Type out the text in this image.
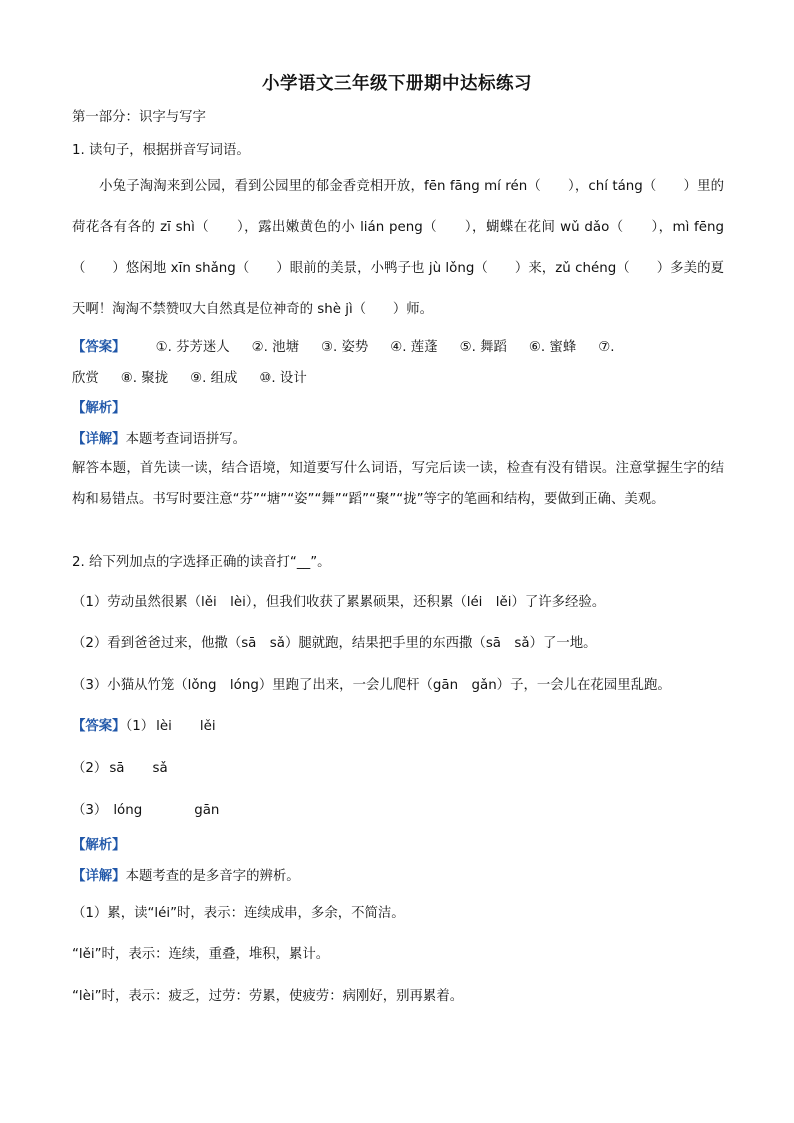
小学语文三年级下册期中达标练习
第一部分：识字与写字
1. 读句子，根据拼音写词语。
小兔子淘淘来到公园，看到公园里的郁金香竞相开放，fēn fāng mí rén（　　），chí táng（　　）里的荷花各有各的 zī shì（　　），露出嫩黄色的小 lián peng（　　），蝴蝶在花间 wǔ dǎo（　　），mì fēng（　　）悠闲地 xīn shǎng（　　）眼前的美景，小鸭子也 jù lǒng（　　）来，zǔ chéng（　　）多美的夏天啊！淘淘不禁赞叹大自然真是位神奇的 shè jì（　　）师。
【答案】 ①. 芬芳迷人 ②. 池塘 ③. 姿势 ④. 莲蓬 ⑤. 舞蹈 ⑥. 蜜蜂 ⑦.
欣赏 ⑧. 聚拢 ⑨. 组成 ⑩. 设计
【解析】
【详解】本题考查词语拼写。
解答本题，首先读一读，结合语境，知道要写什么词语，写完后读一读，检查有没有错误。注意掌握生字的结构和易错点。书写时要注意“芬”“塘”“姿”“舞”“蹈”“聚”“拢”等字的笔画和结构，要做到正确、美观。
2. 给下列加点的字选择正确的读音打“__”。
（1）劳动虽然很累（lěi　lèi），但我们收获了累累硕果，还积累（léi　lěi）了许多经验。
（2）看到爸爸过来，他撒（sā　sǎ）腿就跑，结果把手里的东西撒（sā　sǎ）了一地。
（3）小猫从竹笼（lǒng　lóng）里跑了出来，一会儿爬杆（gān　gǎn）子，一会儿在花园里乱跑。
【答案】（1） lèi lěi
（2） sā sǎ
（3） lóng	gān
【解析】
【详解】本题考查的是多音字的辨析。
（1）累，读“léi”时，表示：连续成串，多余，不简洁。
“lěi”时，表示：连续，重叠，堆积，累计。
“lèi”时，表示：疲乏，过劳：劳累，使疲劳：病刚好，别再累着。
